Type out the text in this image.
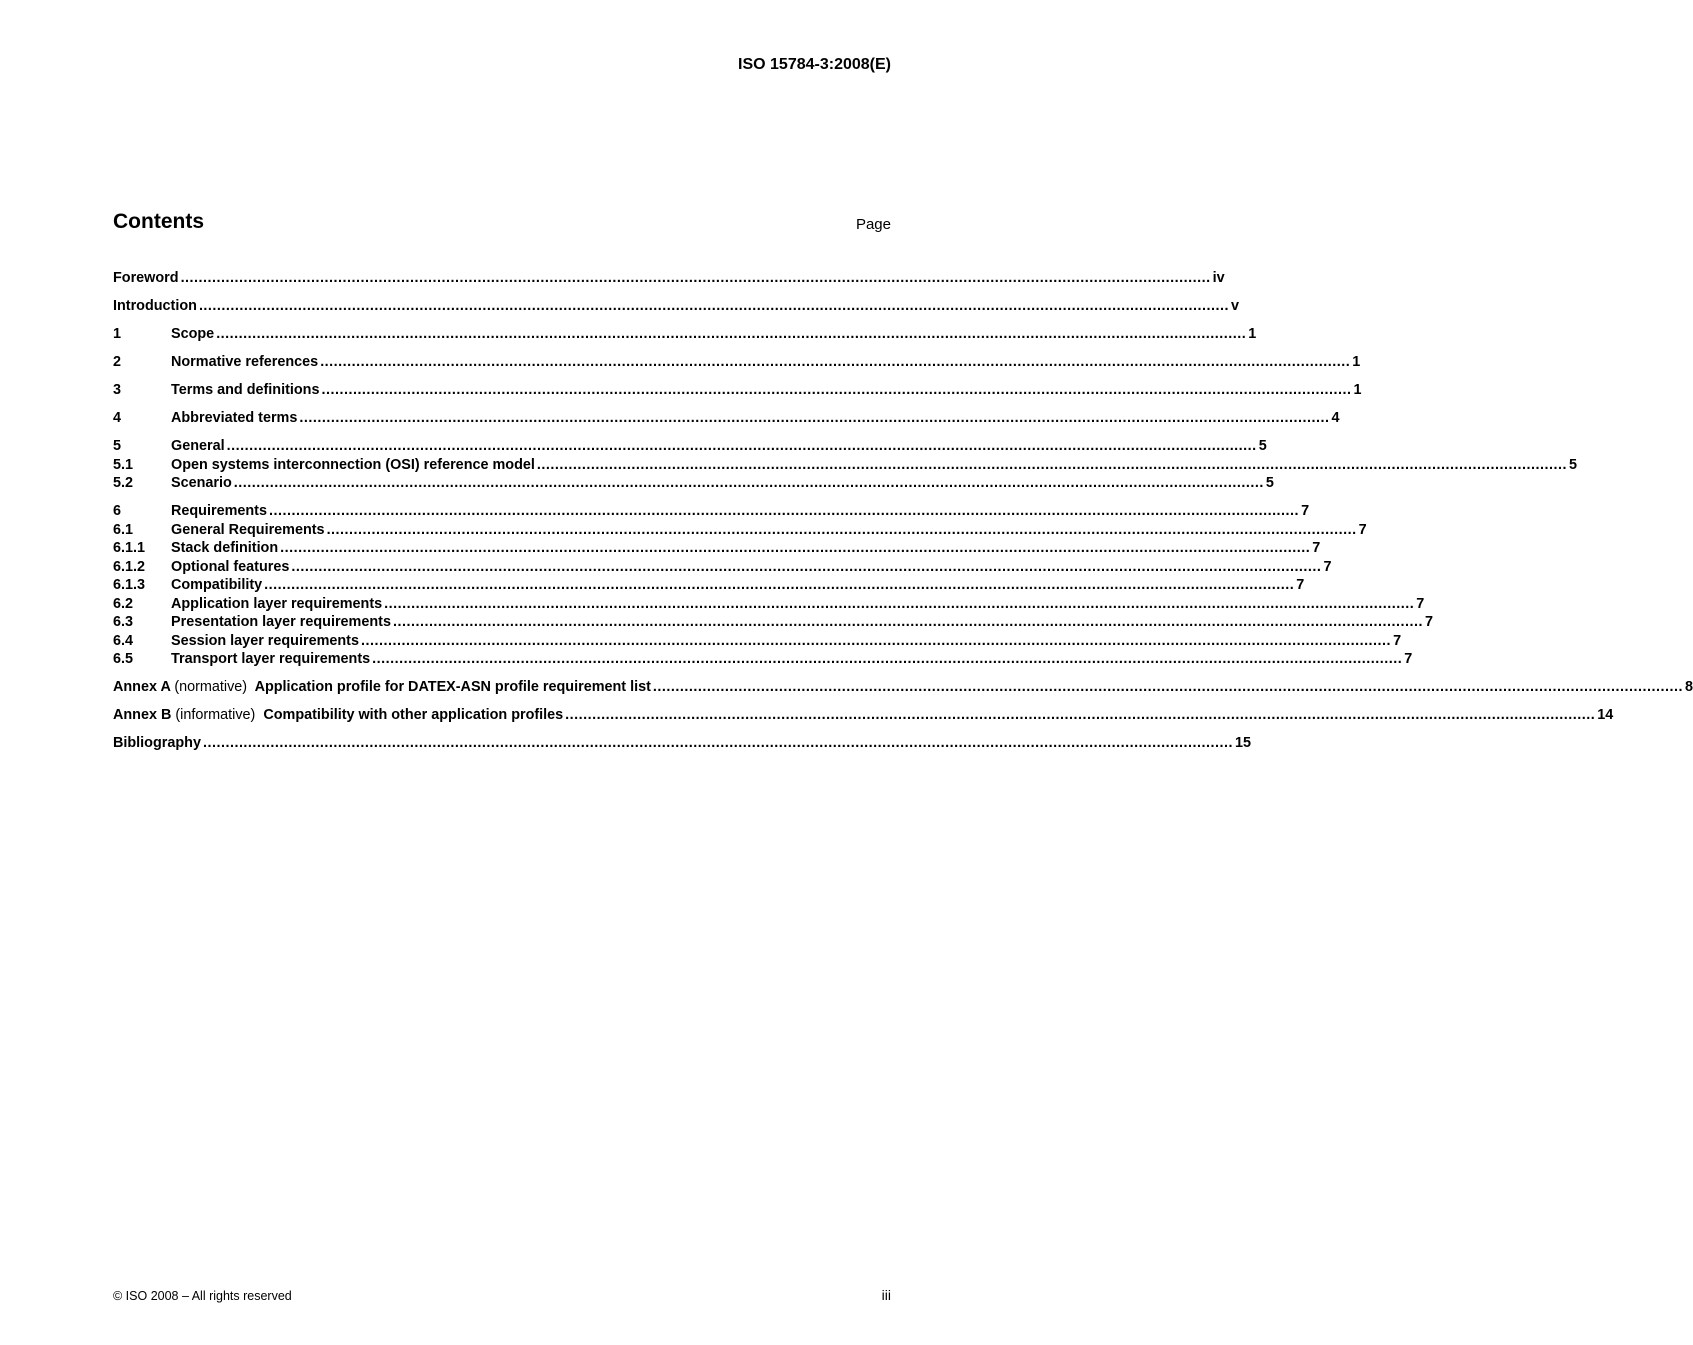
ISO 15784-3:2008(E)
Contents	Page
Foreword ..................................................................................................................................................................................................................................... iv
Introduction ..................................................................................................................................................................................................................................... v
1	Scope ..................................................................................................................................................................................................................................... 1
2	Normative references ..................................................................................................................................................................................................................................... 1
3	Terms and definitions ..................................................................................................................................................................................................................................... 1
4	Abbreviated terms ..................................................................................................................................................................................................................................... 4
5	General ..................................................................................................................................................................................................................................... 5
5.1	Open systems interconnection (OSI) reference model ..................................................................................................................................................................................................................................... 5
5.2	Scenario ..................................................................................................................................................................................................................................... 5
6	Requirements ..................................................................................................................................................................................................................................... 7
6.1	General Requirements ..................................................................................................................................................................................................................................... 7
6.1.1	Stack definition ..................................................................................................................................................................................................................................... 7
6.1.2	Optional features ..................................................................................................................................................................................................................................... 7
6.1.3	Compatibility ..................................................................................................................................................................................................................................... 7
6.2	Application layer requirements ..................................................................................................................................................................................................................................... 7
6.3	Presentation layer requirements ..................................................................................................................................................................................................................................... 7
6.4	Session layer requirements ..................................................................................................................................................................................................................................... 7
6.5	Transport layer requirements ..................................................................................................................................................................................................................................... 7
Annex A (normative) Application profile for DATEX-ASN profile requirement list ..................................................................................................................................................................................................................................... 8
Annex B (informative) Compatibility with other application profiles ..................................................................................................................................................................................................................................... 14
Bibliography ..................................................................................................................................................................................................................................... 15
© ISO 2008 – All rights reserved	iii
